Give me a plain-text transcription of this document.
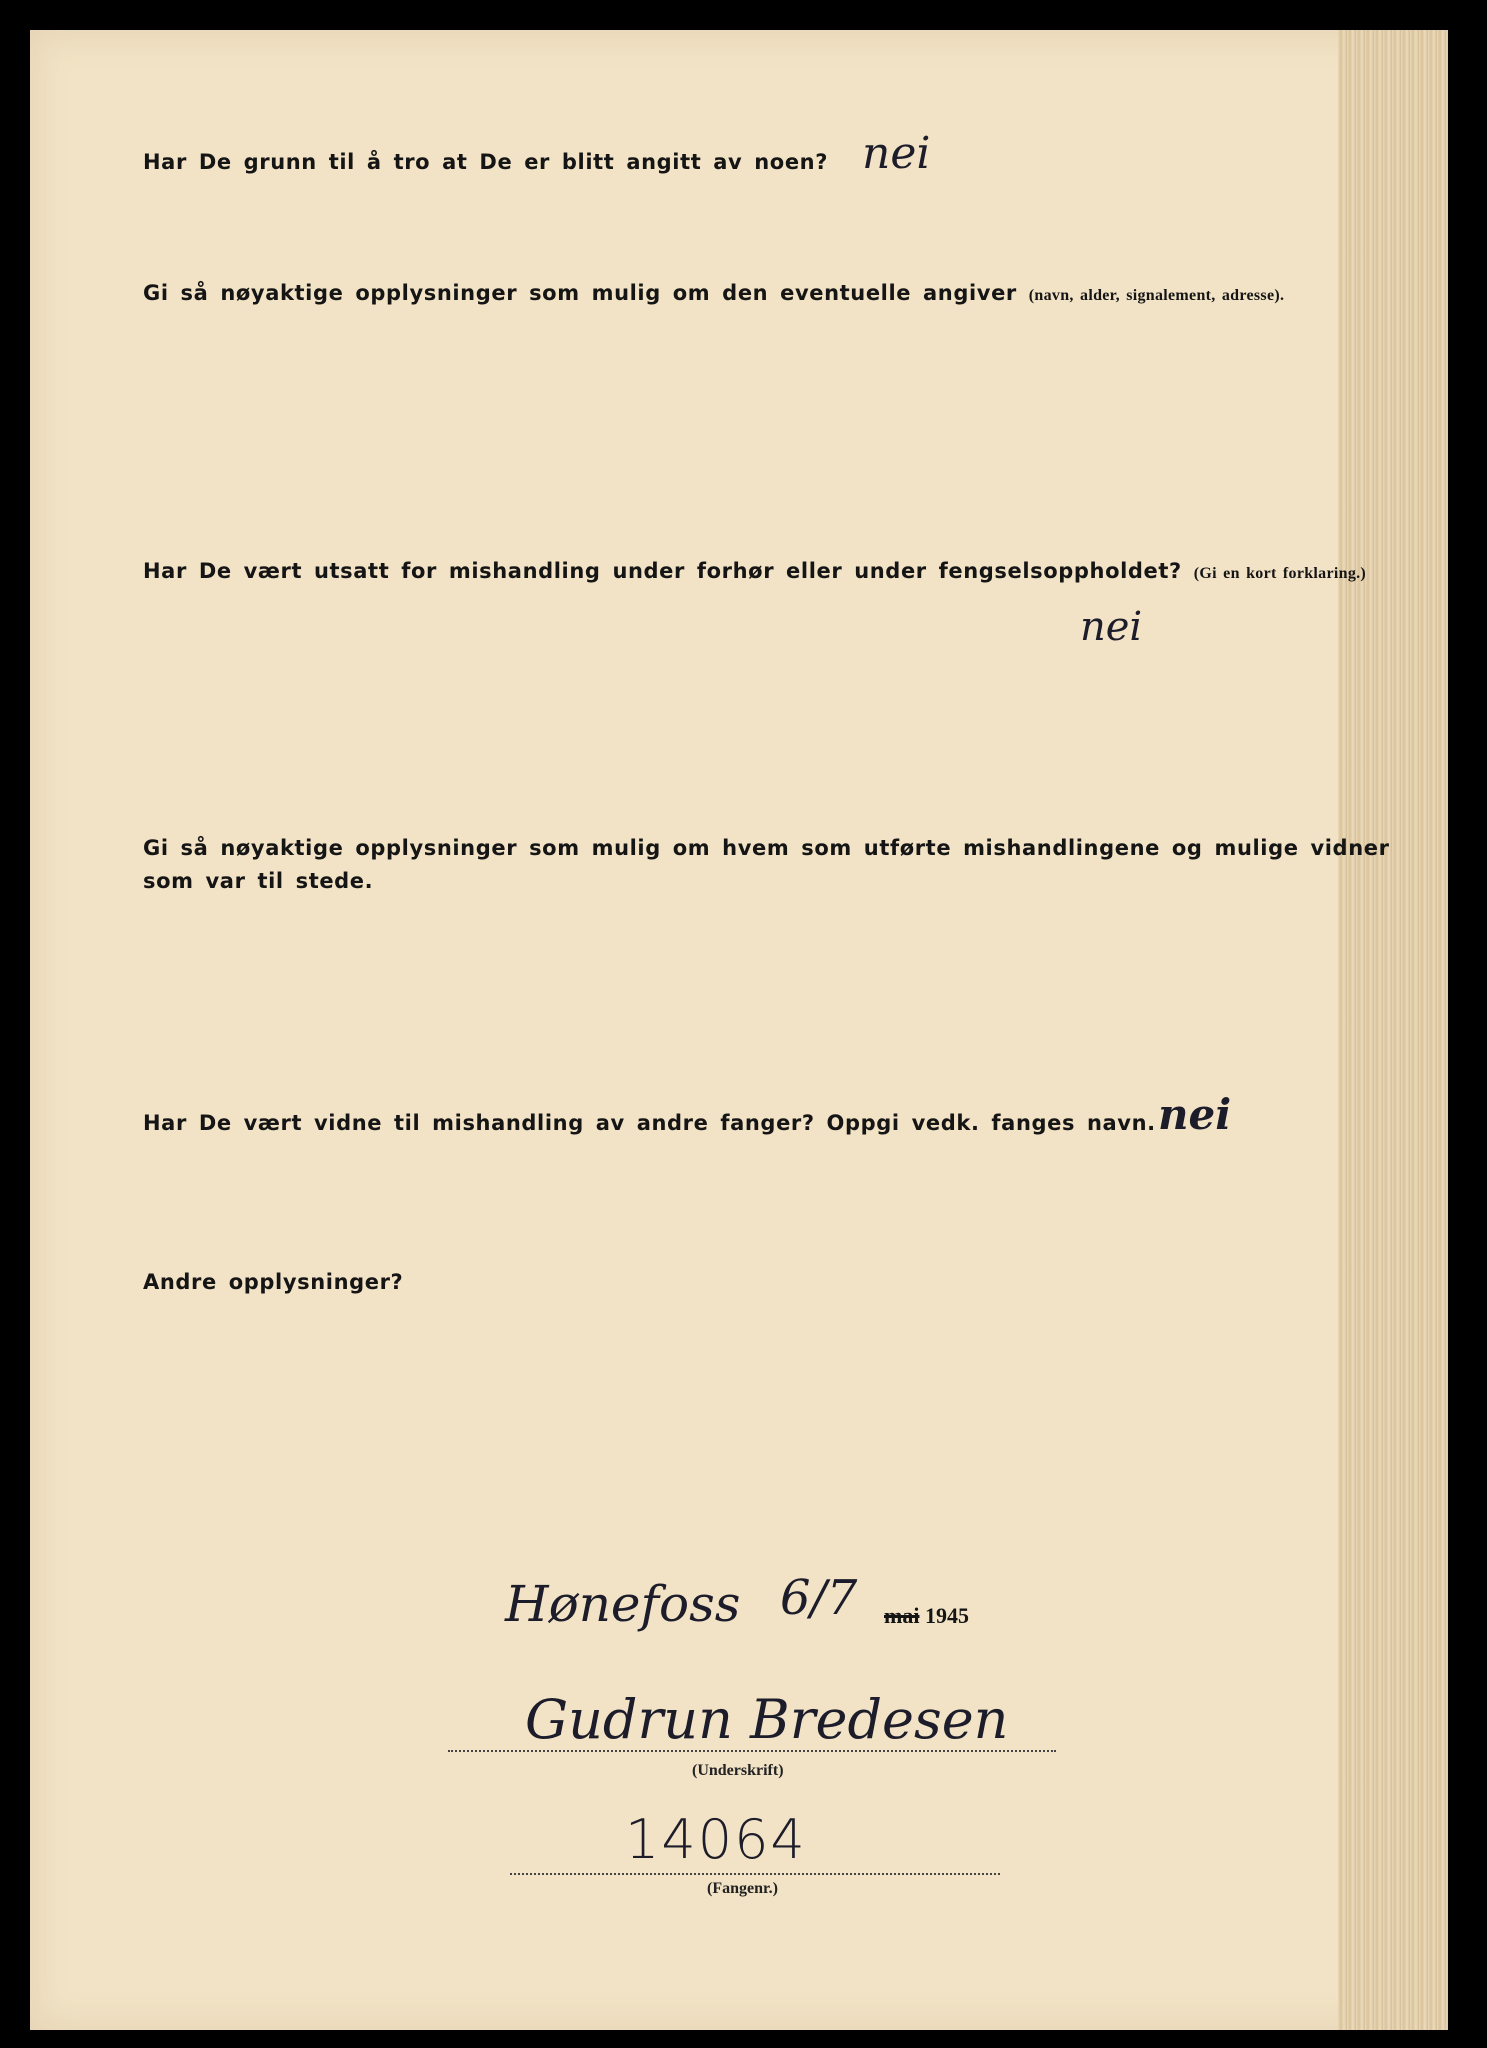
Har De grunn til å tro at De er blitt angitt av noen? nei
Gi så nøyaktige opplysninger som mulig om den eventuelle angiver (navn, alder, signalement, adresse).
Har De vært utsatt for mishandling under forhør eller under fengselsoppholdet? (Gi en kort forklaring.)
nei
Gi så nøyaktige opplysninger som mulig om hvem som utførte mishandlingene og mulige vidner
som var til stede.
Har De vært vidne til mishandling av andre fanger? Oppgi vedk. fanges navn. nei
Andre opplysninger?
Hønefoss 6/7 mai 1945
Gudrun Bredesen
(Underskrift)
14064
(Fangenr.)
